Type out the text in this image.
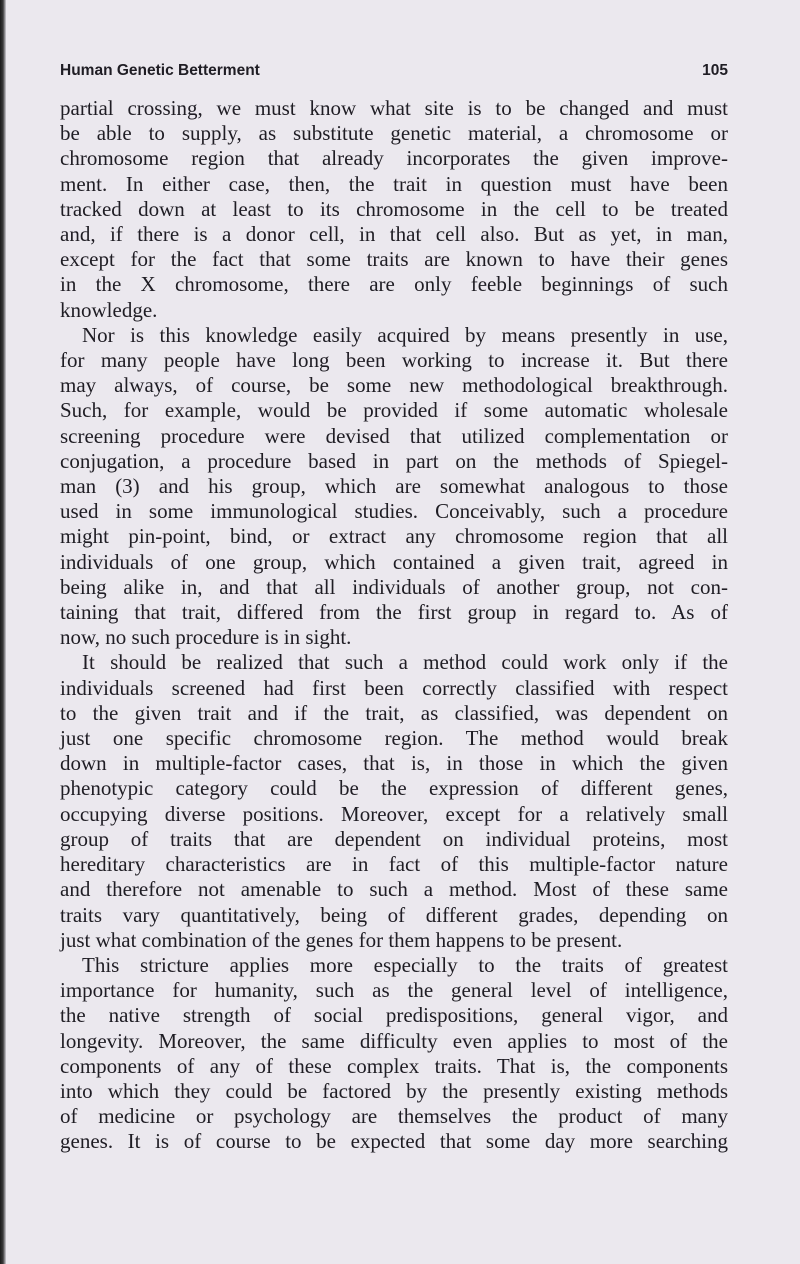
Human Genetic Betterment	105

partial crossing, we must know what site is to be changed and must
be able to supply, as substitute genetic material, a chromosome or
chromosome region that already incorporates the given improve-
ment. In either case, then, the trait in question must have been
tracked down at least to its chromosome in the cell to be treated
and, if there is a donor cell, in that cell also. But as yet, in man,
except for the fact that some traits are known to have their genes
in the X chromosome, there are only feeble beginnings of such
knowledge.

Nor is this knowledge easily acquired by means presently in use,
for many people have long been working to increase it. But there
may always, of course, be some new methodological breakthrough.
Such, for example, would be provided if some automatic wholesale
screening procedure were devised that utilized complementation or
conjugation, a procedure based in part on the methods of Spiegel-
man (3) and his group, which are somewhat analogous to those
used in some immunological studies. Conceivably, such a procedure
might pin-point, bind, or extract any chromosome region that all
individuals of one group, which contained a given trait, agreed in
being alike in, and that all individuals of another group, not con-
taining that trait, differed from the first group in regard to. As of
now, no such procedure is in sight.

It should be realized that such a method could work only if the
individuals screened had first been correctly classified with respect
to the given trait and if the trait, as classified, was dependent on
just one specific chromosome region. The method would break
down in multiple-factor cases, that is, in those in which the given
phenotypic category could be the expression of different genes,
occupying diverse positions. Moreover, except for a relatively small
group of traits that are dependent on individual proteins, most
hereditary characteristics are in fact of this multiple-factor nature
and therefore not amenable to such a method. Most of these same
traits vary quantitatively, being of different grades, depending on
just what combination of the genes for them happens to be present.

This stricture applies more especially to the traits of greatest
importance for humanity, such as the general level of intelligence,
the native strength of social predispositions, general vigor, and
longevity. Moreover, the same difficulty even applies to most of the
components of any of these complex traits. That is, the components
into which they could be factored by the presently existing methods
of medicine or psychology are themselves the product of many
genes. It is of course to be expected that some day more searching
